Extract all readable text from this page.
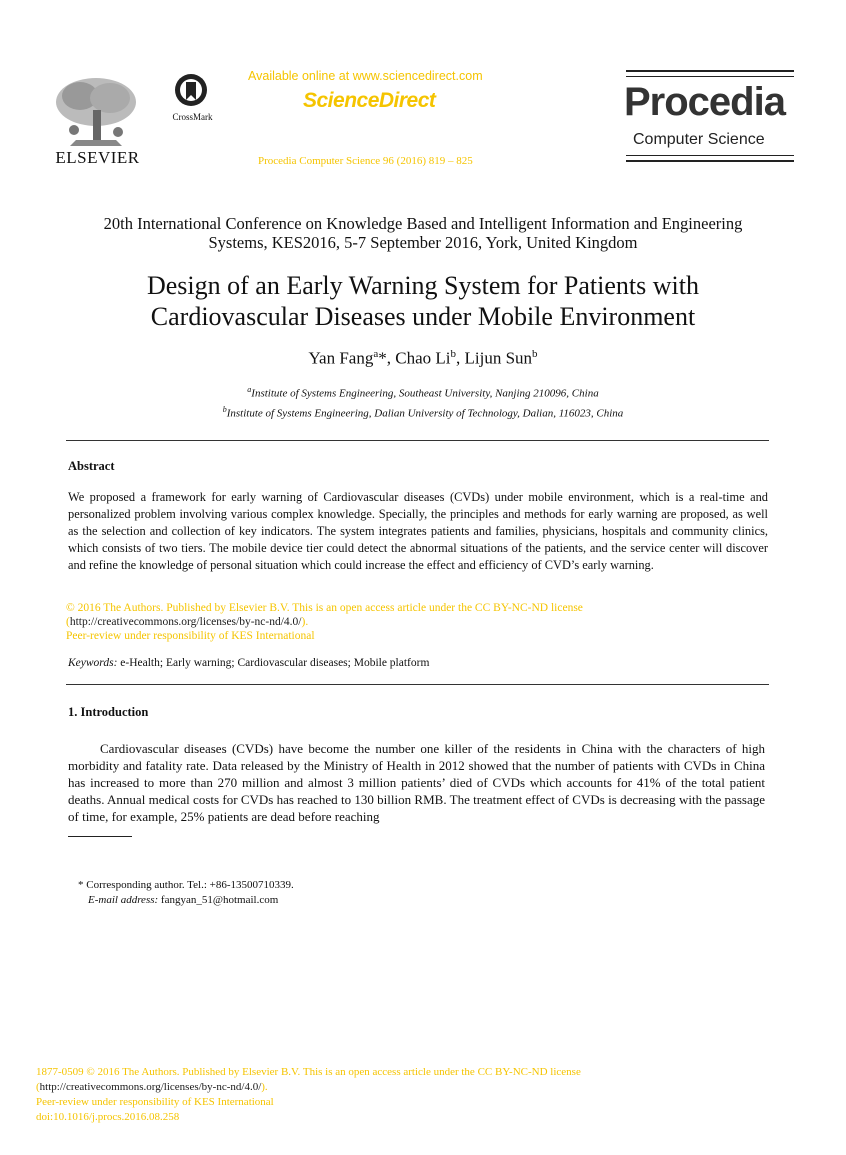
ELSEVIER
CrossMark
Available online at www.sciencedirect.com
ScienceDirect
Procedia Computer Science 96 (2016) 819 – 825
Procedia
Computer Science
20th International Conference on Knowledge Based and Intelligent Information and Engineering
Systems, KES2016, 5-7 September 2016, York, United Kingdom
Design of an Early Warning System for Patients with
Cardiovascular Diseases under Mobile Environment
Yan Fang$^a$*, Chao Li$^b$, Lijun Sun$^b$
$^a$Institute of Systems Engineering, Southeast University, Nanjing 210096, China
$^b$Institute of Systems Engineering, Dalian University of Technology, Dalian, 116023, China
Abstract
We proposed a framework for early warning of Cardiovascular diseases (CVDs) under mobile environment, which is a real-time and personalized problem involving various complex knowledge. Specially, the principles and methods for early warning are proposed, as well as the selection and collection of key indicators. The system integrates patients and families, physicians, hospitals and community clinics, which consists of two tiers. The mobile device tier could detect the abnormal situations of the patients, and the service center will discover and refine the knowledge of personal situation which could increase the effect and efficiency of CVD’s early warning.
© 2016 The Authors. Published by Elsevier B.V. This is an open access article under the CC BY-NC-ND license
(http://creativecommons.org/licenses/by-nc-nd/4.0/).
Peer-review under responsibility of KES International
Keywords: e-Health; Early warning; Cardiovascular diseases; Mobile platform
1. Introduction
Cardiovascular diseases (CVDs) have become the number one killer of the residents in China with the characters of high morbidity and fatality rate. Data released by the Ministry of Health in 2012 showed that the number of patients with CVDs in China has increased to more than 270 million and almost 3 million patients’ died of CVDs which accounts for 41% of the total patient deaths. Annual medical costs for CVDs has reached to 130 billion RMB. The treatment effect of CVDs is decreasing with the passage of time, for example, 25% patients are dead before reaching
* Corresponding author. Tel.: +86-13500710339.
E-mail address: fangyan_51@hotmail.com
1877-0509 © 2016 The Authors. Published by Elsevier B.V. This is an open access article under the CC BY-NC-ND license
(http://creativecommons.org/licenses/by-nc-nd/4.0/).
Peer-review under responsibility of KES International
doi:10.1016/j.procs.2016.08.258
